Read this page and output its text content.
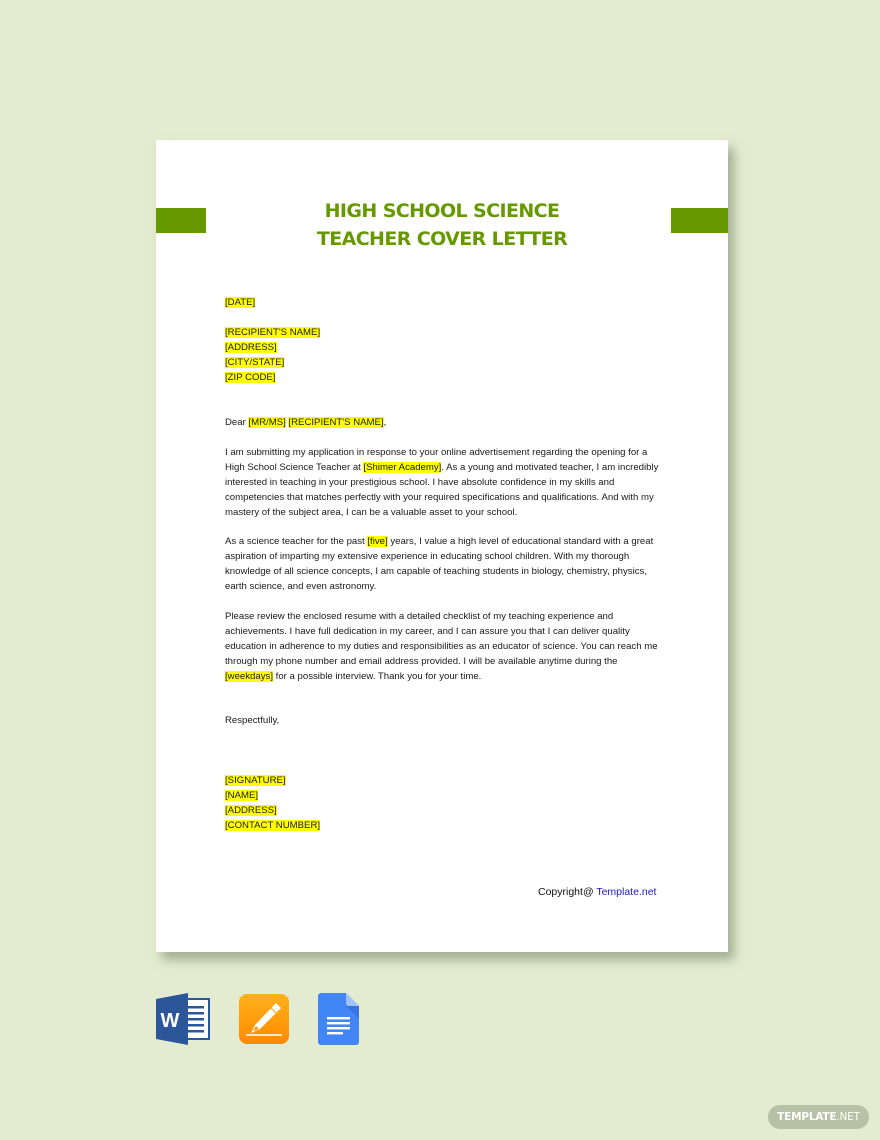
HIGH SCHOOL SCIENCE
TEACHER COVER LETTER
[DATE]
[RECIPIENT'S NAME]
[ADDRESS]
[CITY/STATE]
[ZIP CODE]

Dear [MR/MS] [RECIPIENT'S NAME],

I am submitting my application in response to your online advertisement regarding the opening for a High School Science Teacher at [Shimer Academy]. As a young and motivated teacher, I am incredibly interested in teaching in your prestigious school. I have absolute confidence in my skills and competencies that matches perfectly with your required specifications and qualifications. And with my mastery of the subject area, I can be a valuable asset to your school.

As a science teacher for the past [five] years, I value a high level of educational standard with a great aspiration of imparting my extensive experience in educating school children. With my thorough knowledge of all science concepts, I am capable of teaching students in biology, chemistry, physics, earth science, and even astronomy.

Please review the enclosed resume with a detailed checklist of my teaching experience and achievements. I have full dedication in my career, and I can assure you that I can deliver quality education in adherence to my duties and responsibilities as an educator of science. You can reach me through my phone number and email address provided. I will be available anytime during the [weekdays] for a possible interview. Thank you for your time.

Respectfully,
[SIGNATURE]
[NAME]
[ADDRESS]
[CONTACT NUMBER]
Copyright@ Template.net
W
TEMPLATE.NET
